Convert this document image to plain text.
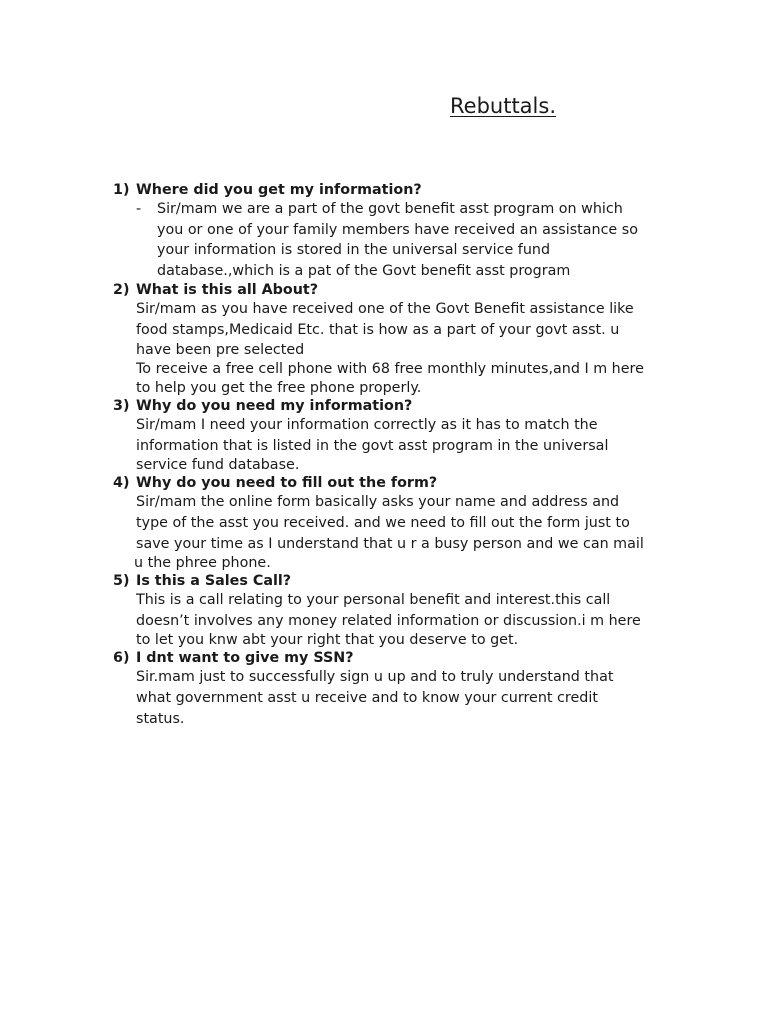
Rebuttals.

1) Where did you get my information?

- Sir/mam we are a part of the govt benefit asst program on which
you or one of your family members have received an assistance so
your information is stored in the universal service fund
database.,which is a pat of the Govt benefit asst program

2) What is this all About?

Sir/mam as you have received one of the Govt Benefit assistance like

food stamps,Medicaid Etc. that is how as a part of your govt asst. u

have been pre selected

To receive a free cell phone with 68 free monthly minutes,and I m here

to help you get the free phone properly.

3) Why do you need my information?

Sir/mam I need your information correctly as it has to match the

information that is listed in the govt asst program in the universal

service fund database.

4) Why do you need to fill out the form?

Sir/mam the online form basically asks your name and address and

type of the asst you received. and we need to fill out the form just to

save your time as I understand that u r a busy person and we can mail

u the phree phone.

5) Is this a Sales Call?

This is a call relating to your personal benefit and interest.this call

doesn’t involves any money related information or discussion.i m here

to let you knw abt your right that you deserve to get.

6) I dnt want to give my SSN?

Sir.mam just to successfully sign u up and to truly understand that

what government asst u receive and to know your current credit

status.
